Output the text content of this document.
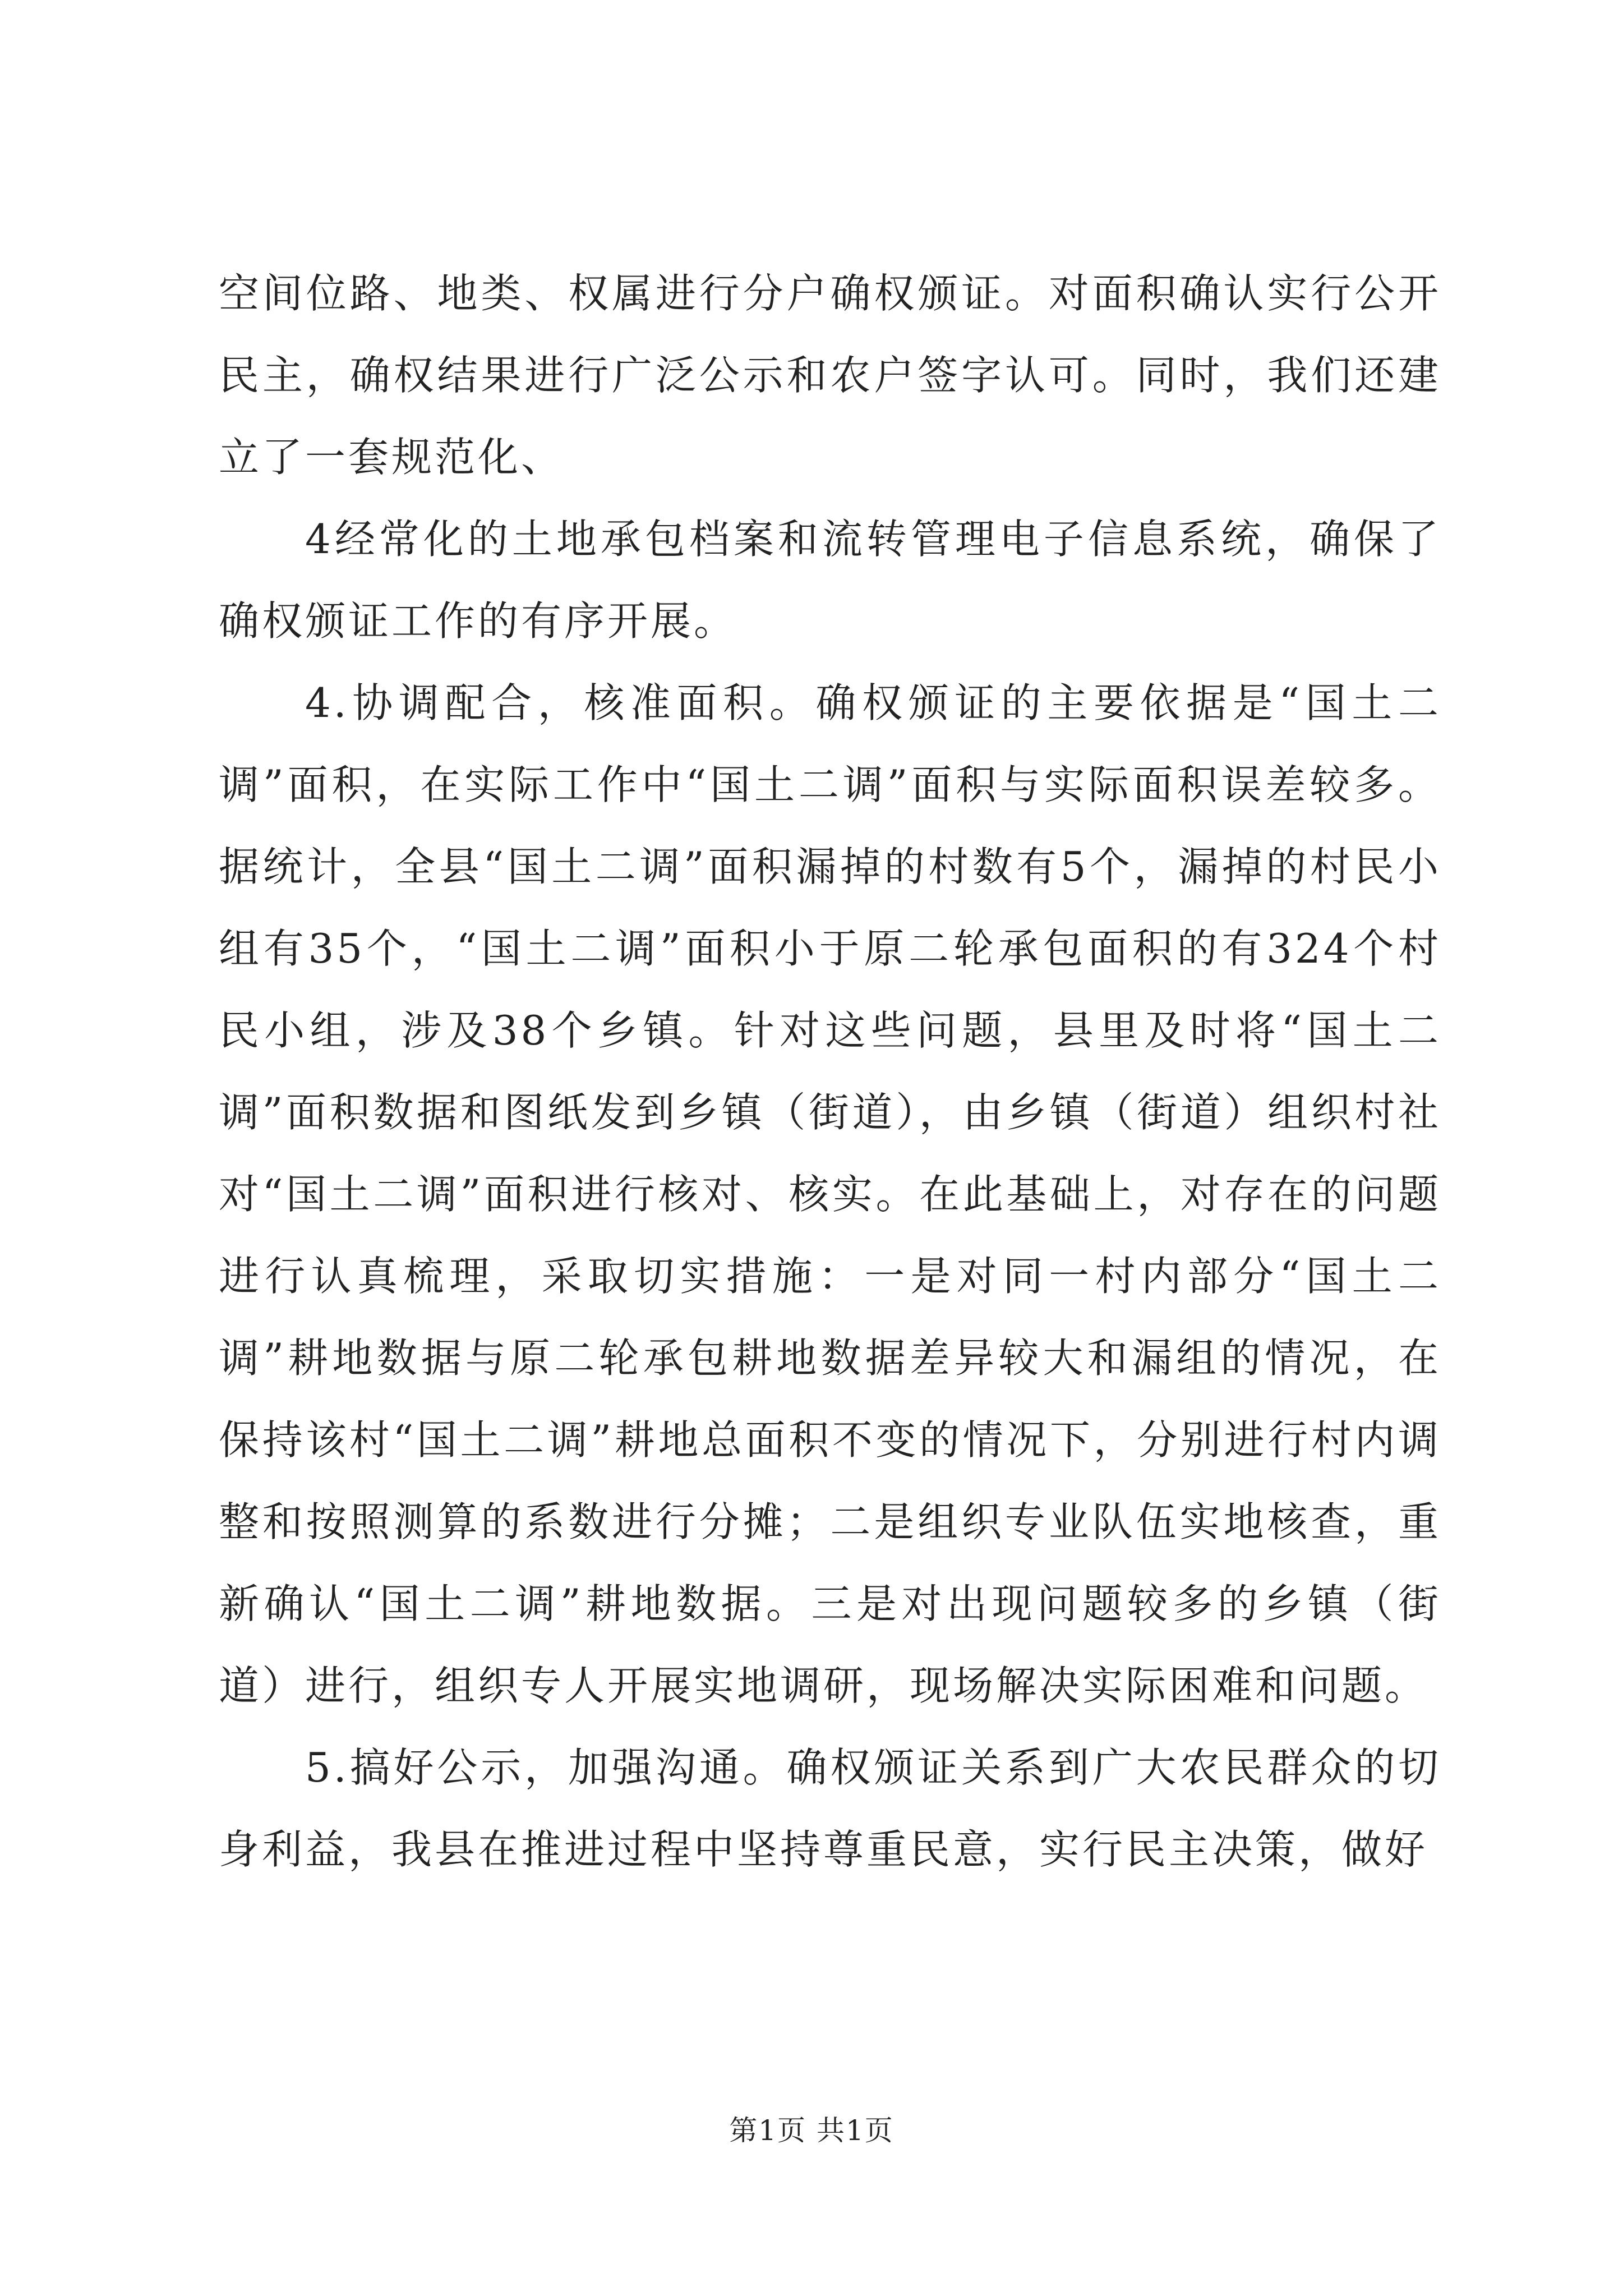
空间位路、地类、权属进行分户确权颁证。对面积确认实行公开民主，确权结果进行广泛公示和农户签字认可。同时，我们还建立了一套规范化、

4经常化的土地承包档案和流转管理电子信息系统，确保了确权颁证工作的有序开展。

4.协调配合，核准面积。确权颁证的主要依据是“国土二调”面积，在实际工作中“国土二调”面积与实际面积误差较多。据统计，全县“国土二调”面积漏掉的村数有5个，漏掉的村民小组有35个，“国土二调”面积小于原二轮承包面积的有324个村民小组，涉及38个乡镇。针对这些问题，县里及时将“国土二调”面积数据和图纸发到乡镇（街道），由乡镇（街道）组织村社对“国土二调”面积进行核对、核实。在此基础上，对存在的问题进行认真梳理，采取切实措施：一是对同一村内部分“国土二调”耕地数据与原二轮承包耕地数据差异较大和漏组的情况，在保持该村“国土二调”耕地总面积不变的情况下，分别进行村内调整和按照测算的系数进行分摊；二是组织专业队伍实地核查，重新确认“国土二调”耕地数据。三是对出现问题较多的乡镇（街道）进行，组织专人开展实地调研，现场解决实际困难和问题。

5.搞好公示，加强沟通。确权颁证关系到广大农民群众的切身利益，我县在推进过程中坚持尊重民意，实行民主决策，做好

第1页 共1页
